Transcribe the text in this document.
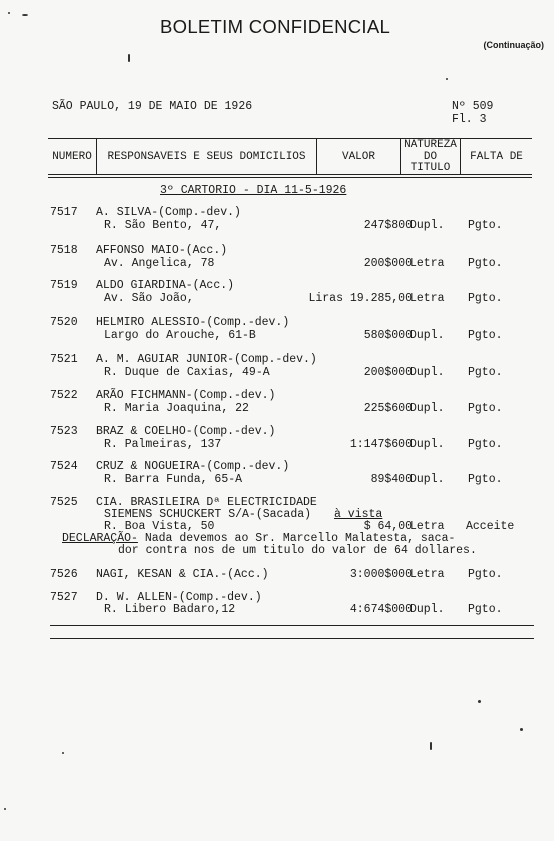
BOLETIM CONFIDENCIAL
(Continuação)
SÃO PAULO, 19 DE MAIO DE 1926	Nº 509
Fl. 3
NUMERO	RESPONSAVEIS E SEUS DOMICILIOS	VALOR
NATUREZA
DO
TITULO
FALTA DE
3º CARTORIO - DIA 11-5-1926
7517 A. SILVA-(Comp.-dev.)
R. São Bento, 47,	247$800
Dupl. Pgto.
7518 AFFONSO MAIO-(Acc.)
Av. Angelica, 78	200$000
Letra Pgto.
7519 ALDO GIARDINA-(Acc.)
Av. São João,	Liras 19.285,00
Letra Pgto.
7520 HELMIRO ALESSIO-(Comp.-dev.)
Largo do Arouche, 61-B	580$000
Dupl. Pgto.
7521 A. M. AGUIAR JUNIOR-(Comp.-dev.)
R. Duque de Caxias, 49-A	200$000
Dupl. Pgto.
7522 ARÃO FICHMANN-(Comp.-dev.)
R. Maria Joaquina, 22	225$600
Dupl. Pgto.
7523 BRAZ & COELHO-(Comp.-dev.)
R. Palmeiras, 137	1:147$600
Dupl. Pgto.
7524 CRUZ & NOGUEIRA-(Comp.-dev.)
R. Barra Funda, 65-A	89$400
Dupl. Pgto.
7525 CIA. BRASILEIRA Dª ELECTRICIDADE
SIEMENS SCHUCKERT S/A-(Sacada) à vista
R. Boa Vista, 50	$ 64,00
Letra Acceite
DECLARAÇÃO- Nada devemos ao Sr. Marcello Malatesta, saca-
dor contra nos de um titulo do valor de 64 dollares.
7526 NAGI, KESAN & CIA.-(Acc.)	3:000$000
Letra Pgto.
7527 D. W. ALLEN-(Comp.-dev.)
R. Libero Badaro,12	4:674$000
Dupl. Pgto.
